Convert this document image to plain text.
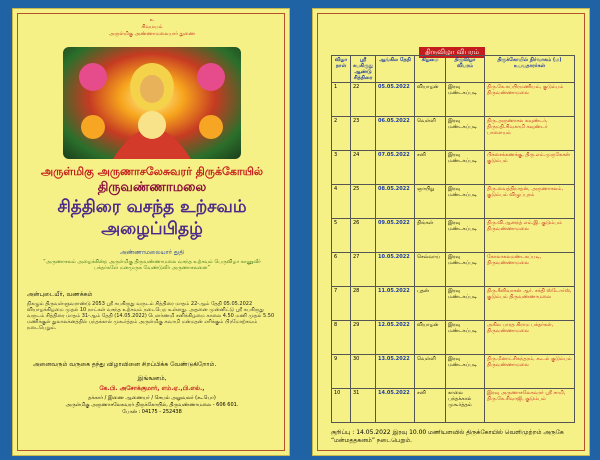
உ
சிவமயம்
அருள்மிகு அண்ணாமலையார் துணை
அருள்மிகு அருணாசலேசுவரர் திருக்கோயில்
திருவண்ணாமலை
சித்திரை வசந்த உற்சவம்
அழைப்பிதழ்
அண்ணாமலையார் துதி
“அருணாசலம் அழைக்கின்ற அருள்மிகு திருவண்ணாமலை வசந்த உற்சவம் பெருவிழா காணுவீர் பக்தர்களே மனமுருக வேண்டுவீர் அருணாசலனை”
அன்புடையீர், வணக்கம்
நிகழும் திருவள்ளுவராண்டு 2053 ஸ்ரீ சுபகிருது வருடம் சித்திரை மாதம் 22-ஆம் தேதி 05.05.2022 வியாழக்கிழமை முதல் 10 நாட்கள் வசந்த உற்சவம் நடைபெற உள்ளது. அதனை முன்னிட்டு ஸ்ரீ சுபகிருது வருடம் சித்திரை மாதம் 31-ஆம் தேதி (14.05.2022) பௌர்ணமி சனிக்கிழமை காலை 4.50 மணி முதல் 5.50 மணிக்குள் துலாலக்னத்தில் பந்தக்கால் முகூர்த்தம் அருள்மிகு சுவாமி மன்மதன் எரிக்கும் பிரமோற்சவம் நடைபெறும்.
அனைவரும் வருகை தந்து விழாவினை சிறப்பிக்க வேண்டுகிறோம்.
இங்ஙனம்,
கே.பி. அசோக்குமார், எம்.ஏ.,பி.எல்.,
தக்கார் / இணை ஆணையர் / செயல் அலுவலர் (கூ.பொ)
அருள்மிகு அருணாசலேசுவரர் திருக்கோயில், திருவண்ணாமலை - 606 601.
போன் : 04175 - 252438
திருவிழா விபரம்
விழா நாள்	ஸ்ரீ சுபகிருது ஆண்டு சித்திரை	ஆங்கில தேதி	கிழமை	திருவிழா விபரம்	திருக்கோயில் நிர்வாகம் (ம) உபயதாரர்கள்
1	22	05.05.2022	வியாழன்	இரவு மண்டகப்படி	திரு.கே.சுப்பிரமணியம், குடும்பம் திருவண்ணாமலை
2	23	06.05.2022	வெள்ளி	இரவு மண்டகப்படி	திரு.அருணாசல கவுண்டர், திருமதி.சிவகாமி கவுண்டர் பாளையம்
3	24	07.05.2022	சனி	இரவு மண்டகப்படி	பிச்சைக்கணக்கு, திரு.எம்.முருகேசன் குடும்பம்
4	25	08.05.2022	ஞாயிறு	இரவு மண்டகப்படி	திரு.வைத்திநாதன், அருணாசலம், குடும்பம் விழுப்புரம்
5	26	09.05.2022	திங்கள்	இரவு மண்டகப்படி	திரு.வி.ஆனந்த் எம்.இ. குடும்பம் திருவண்ணாமலை
6	27	10.05.2022	செவ்வாய்	இரவு மண்டகப்படி	கோலாகலமண்டகப்படி, திருவண்ணாமலை
7	28	11.05.2022	புதன்	இரவு மண்டகப்படி	திரு.சீனிவாசன் ஆர். சக்தி ஸ்டோர்ஸ், குடும்பம் திருவண்ணாமலை
8	29	12.05.2022	வியாழன்	இரவு மண்டகப்படி	அகில பாரத கிராம பக்தர்கள், திருவண்ணாமலை
9	30	13.05.2022	வெள்ளி	இரவு மண்டகப்படி	திரு.மீனாட்சிசுந்தரம், கூடல் குடும்பம் திருவண்ணாமலை
10	31	14.05.2022	சனி	காலை பந்தக்கால் முகூர்த்தம்	இரவு அருணாசலேசுவரர் ஸ்ரீ சாமி, திரு.கே.சிவாஜி, குடும்பம்
குறிப்பு : 14.05.2022 இரவு 10.00 மணியளவில் திருக்கோயில் வெளிமுற்றம் அருகே “மன்மததகனம்” நடைபெறும்.
